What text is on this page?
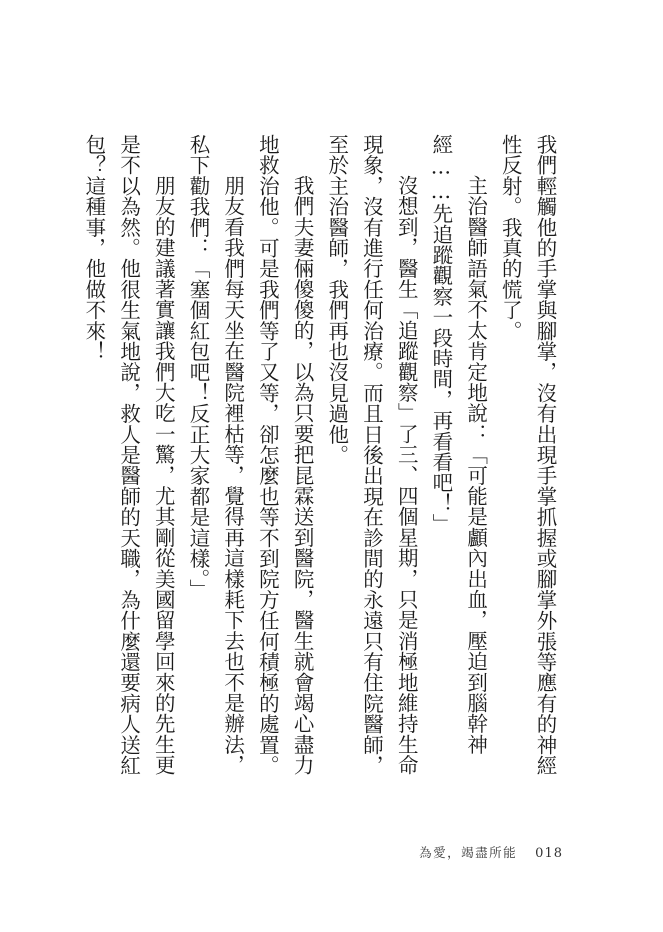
我們輕觸他的手掌與腳掌，沒有出現手掌抓握或腳掌外張等應有的神經性反射。我真的慌了。

主治醫師語氣不太肯定地說：「可能是顱內出血，壓迫到腦幹神經……先追蹤觀察一段時間，再看看吧！」

沒想到，醫生「追蹤觀察」了三、四個星期，只是消極地維持生命現象，沒有進行任何治療。而且日後出現在診間的永遠只有住院醫師，至於主治醫師，我們再也沒見過他。

我們夫妻倆傻傻的，以為只要把昆霖送到醫院，醫生就會竭心盡力地救治他。可是我們等了又等，卻怎麼也等不到院方任何積極的處置。

朋友看我們每天坐在醫院裡枯等，覺得再這樣耗下去也不是辦法，私下勸我們：「塞個紅包吧！反正大家都是這樣。」

朋友的建議著實讓我們大吃一驚，尤其剛從美國留學回來的先生更是不以為然。他很生氣地說，救人是醫師的天職，為什麼還要病人送紅包？這種事，他做不來！

為愛，竭盡所能 018
